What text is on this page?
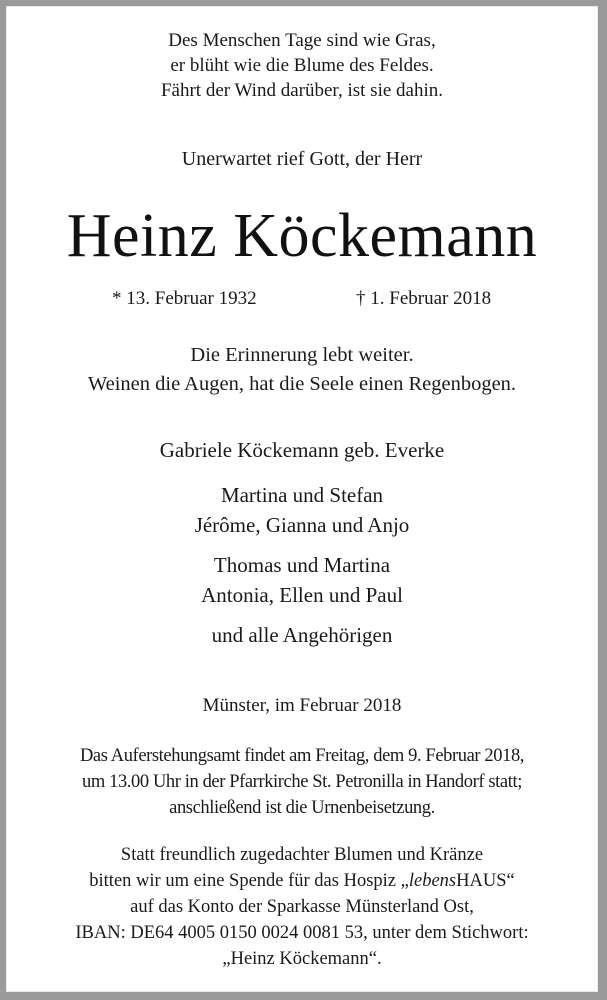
Des Menschen Tage sind wie Gras,
er blüht wie die Blume des Feldes.
Fährt der Wind darüber, ist sie dahin.
Unerwartet rief Gott, der Herr
Heinz Köckemann
* 13. Februar 1932	† 1. Februar 2018
Die Erinnerung lebt weiter.
Weinen die Augen, hat die Seele einen Regenbogen.
Gabriele Köckemann geb. Everke
Martina und Stefan
Jérôme, Gianna und Anjo
Thomas und Martina
Antonia, Ellen und Paul
und alle Angehörigen
Münster, im Februar 2018
Das Auferstehungsamt findet am Freitag, dem 9. Februar 2018,
um 13.00 Uhr in der Pfarrkirche St. Petronilla in Handorf statt;
anschließend ist die Urnenbeisetzung.
Statt freundlich zugedachter Blumen und Kränze
bitten wir um eine Spende für das Hospiz „lebensHAUS“
auf das Konto der Sparkasse Münsterland Ost,
IBAN: DE64 4005 0150 0024 0081 53, unter dem Stichwort:
„Heinz Köckemann“.
